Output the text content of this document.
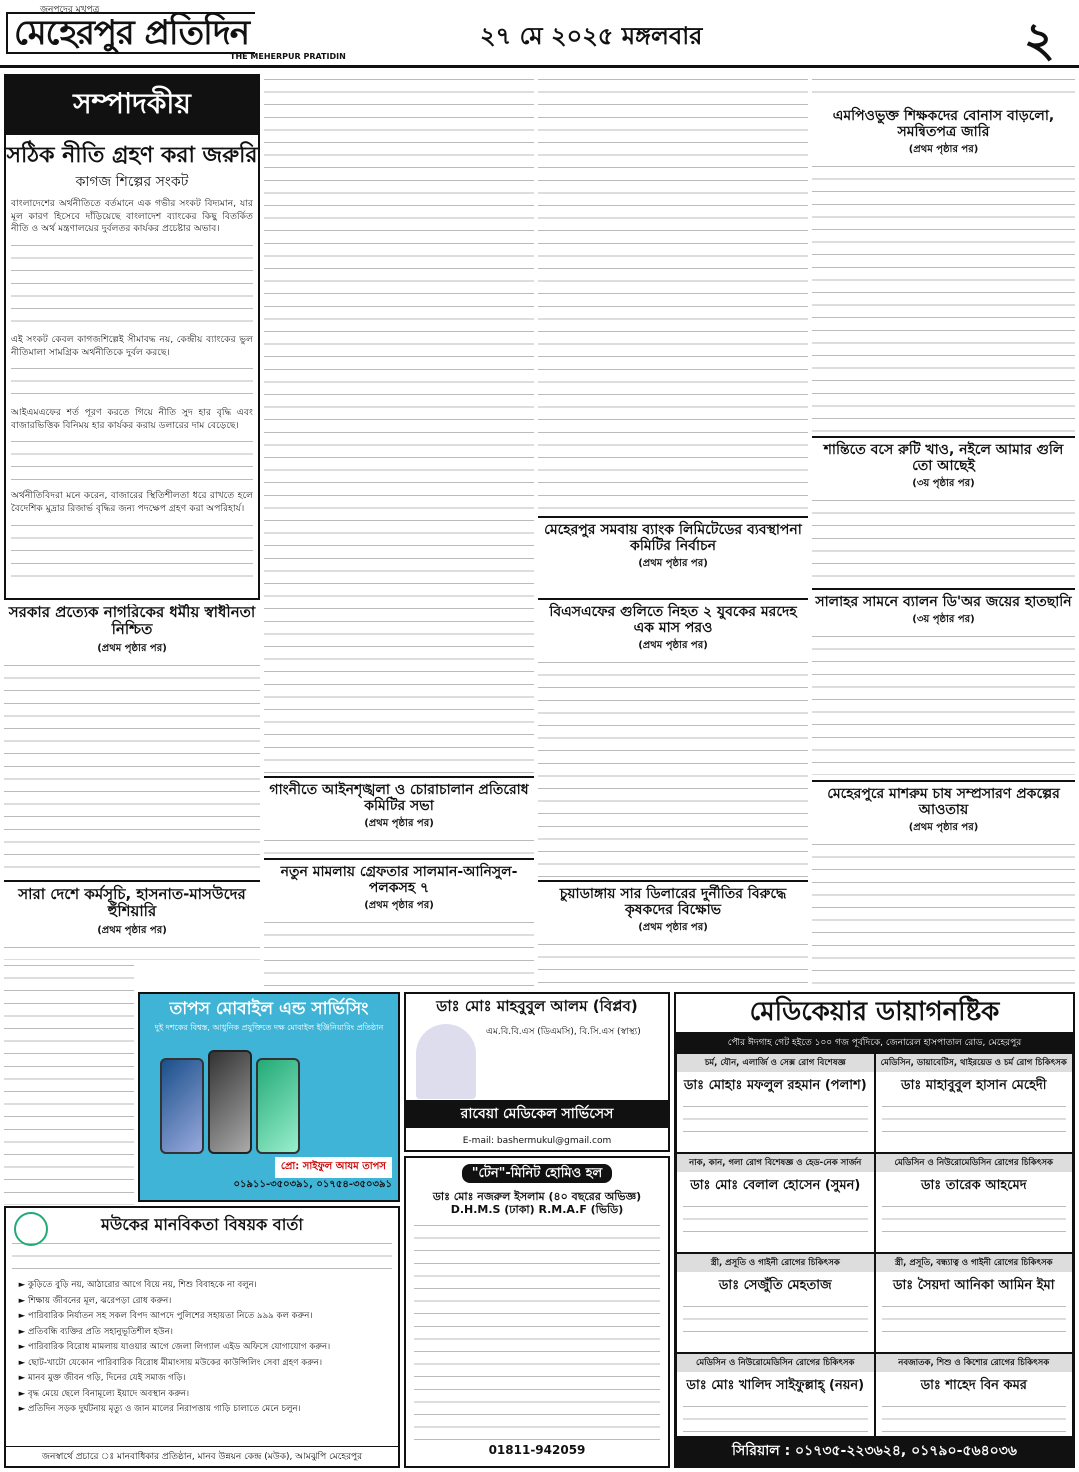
জনপদের মুখপত্র
মেহেরপুর প্রতিদিন
THE MEHERPUR PRATIDIN
২৭ মে ২০২৫ মঙ্গলবার	২
সম্পাদকীয়
সঠিক নীতি গ্রহণ করা জরুরি
কাগজ শিল্পের সংকট

বাংলাদেশের অর্থনীতিতে বর্তমানে এক গভীর সংকট বিদ্যমান, যার মূল কারণ হিসেবে দাঁড়িয়েছে বাংলাদেশ ব্যাংকের কিছু বিতর্কিত নীতি ও অর্থ মন্ত্রণালয়ের দুর্বলতর কার্যকর প্রচেষ্টার অভাব।

এই সংকট কেবল কাগজশিল্পেই সীমাবদ্ধ নয়, কেন্দ্রীয় ব্যাংকের ভুল নীতিমালা সামগ্রিক অর্থনীতিকে দুর্বল করছে।

আইএমএফের শর্ত পূরণ করতে গিয়ে নীতি সুদ হার বৃদ্ধি এবং বাজারভিত্তিক বিনিময় হার কার্যকর করায় ডলারের দাম বেড়েছে।

অর্থনীতিবিদরা মনে করেন, বাজারের স্থিতিশীলতা ধরে রাখতে হলে বৈদেশিক মুদ্রার রিজার্ভ বৃদ্ধির জন্য পদক্ষেপ গ্রহণ করা অপরিহার্য।

সরকার প্রত্যেক নাগরিকের ধর্মীয় স্বাধীনতা নিশ্চিত
(প্রথম পৃষ্ঠার পর)
সারা দেশে কর্মসূচি, হাসনাত-মাসউদের হুঁশিয়ারি
(প্রথম পৃষ্ঠার পর)
গাংনীতে আইনশৃঙ্খলা ও চোরাচালান প্রতিরোধ কমিটির সভা
(প্রথম পৃষ্ঠার পর)
নতুন মামলায় গ্রেফতার সালমান-আনিসুল-পলকসহ ৭
(প্রথম পৃষ্ঠার পর)
মেহেরপুর সমবায় ব্যাংক লিমিটেডের ব্যবস্থাপনা কমিটির নির্বাচন
(প্রথম পৃষ্ঠার পর)
বিএসএফের গুলিতে নিহত ২ যুবকের মরদেহ এক মাস পরও
(প্রথম পৃষ্ঠার পর)
চুয়াডাঙ্গায় সার ডিলারের দুর্নীতির বিরুদ্ধে কৃষকদের বিক্ষোভ
(প্রথম পৃষ্ঠার পর)
এমপিওভুক্ত শিক্ষকদের বোনাস বাড়লো, সমন্বিতপত্র জারি
(প্রথম পৃষ্ঠার পর)
শান্তিতে বসে রুটি খাও, নইলে আমার গুলি তো আছেই
(৩য় পৃষ্ঠার পর)
সালাহর সামনে ব্যালন ডি'অর জয়ের হাতছানি
(৩য় পৃষ্ঠার পর)
মেহেরপুরে মাশরুম চাষ সম্প্রসারণ প্রকল্পের আওতায়
(প্রথম পৃষ্ঠার পর)
তাপস মোবাইল এন্ড সার্ভিসিং
দুই দশকের বিশ্বস্ত, আধুনিক প্রযুক্তিতে দক্ষ মোবাইল ইঞ্জিনিয়ারিং প্রতিষ্ঠান
প্রো: সাইফুল আযম তাপস
০১৯১১-৩৫০৩৯১, ০১৭৫৪-৩৫০৩৯১
ডাঃ মোঃ মাহবুবুল আলম (বিপ্লব)
এম.বি.বি.এস (ডিএমসি), বি.সি.এস (স্বাস্থ্য)
রাবেয়া মেডিকেল সার্ভিসেস
E-mail: bashermukul@gmail.com
"টেন"-মিনিট হোমিও হল
ডাঃ মোঃ নজরুল ইসলাম (৪০ বছরের অভিজ্ঞ)
D.H.M.S (ঢাকা) R.M.A.F (ভিডি)
01811-942059
মউকের মানবিকতা বিষয়ক বার্তা
► কুড়িতে বুড়ি নয়, আঠারোর আগে বিয়ে নয়, শিশু বিবাহকে না বলুন।
► শিক্ষায় জীবনের মূল, ঝরেপড়া রোধ করুন।
► পারিবারিক নির্যাতন সহ সকল বিপদ আপদে পুলিশের সহায়তা নিতে ৯৯৯ কল করুন।
► প্রতিবন্ধি ব্যক্তির প্রতি সহানুভূতিশীল হউন।
► পারিবারিক বিরোধ মামলায় যাওয়ার আগে জেলা লিগ্যাল এইড অফিসে যোগাযোগ করুন।
► ছোট-খাটো যেকোন পারিবারিক বিরোধ মীমাংসায় মউকের কাউন্সিলিং সেবা গ্রহণ করুন।
► মানব মুক্ত জীবন গড়ি, দিনের যেই সমাজ গড়ি।
► বৃদ্ধ মেয়ে ছেলে বিনামূল্যে ইয়াদে অবস্থান করুন।
► প্রতিদিন সড়ক দুর্ঘটনায় মৃত্যু ও জান মালের নিরাপত্তায় গাড়ি চালাতে মেনে চলুন।
জনস্বার্থে প্রচারে ঃ মানবাধিকার প্রতিষ্ঠান, মানব উন্নয়ন কেন্দ্র (মউক), আমঝুপি মেহেরপুর
মেডিকেয়ার ডায়াগনষ্টিক
পৌর ঈদগাহ গেট হইতে ১০০ গজ পূর্বদিকে, জেনারেল হাসপাতাল রোড, মেহেরপুর
চর্ম, যৌন, এলার্জি ও সেক্স রোগ বিশেষজ্ঞ
ডাঃ মোহাঃ মফলুল রহমান (পলাশ)
মেডিসিন, ডায়াবেটিস, থাইরয়েড ও চর্ম রোগ চিকিৎসক
ডাঃ মাহাবুবুল হাসান মেহেদী
নাক, কান, গলা রোগ বিশেষজ্ঞ ও হেড-নেক সার্জন
ডাঃ মোঃ বেলাল হোসেন (সুমন)
মেডিসিন ও নিউরোমেডিসিন রোগের চিকিৎসক
ডাঃ তারেক আহমেদ
স্ত্রী, প্রসূতি ও গাইনী রোগের চিকিৎসক
ডাঃ সেজুঁতি মেহতাজ
স্ত্রী, প্রসূতি, বন্ধ্যাত্ব ও গাইনী রোগের চিকিৎসক
ডাঃ সৈয়দা আনিকা আমিন ইমা
মেডিসিন ও নিউরোমেডিসিন রোগের চিকিৎসক
ডাঃ মোঃ খালিদ সাইফুল্লাহ্ (নয়ন)
নবজাতক, শিশু ও কিশোর রোগের চিকিৎসক
ডাঃ শাহেদ বিন কমর
সিরিয়াল : ০১৭৩৫-২২৩৬২৪, ০১৭৯০-৫৬৪০৩৬
